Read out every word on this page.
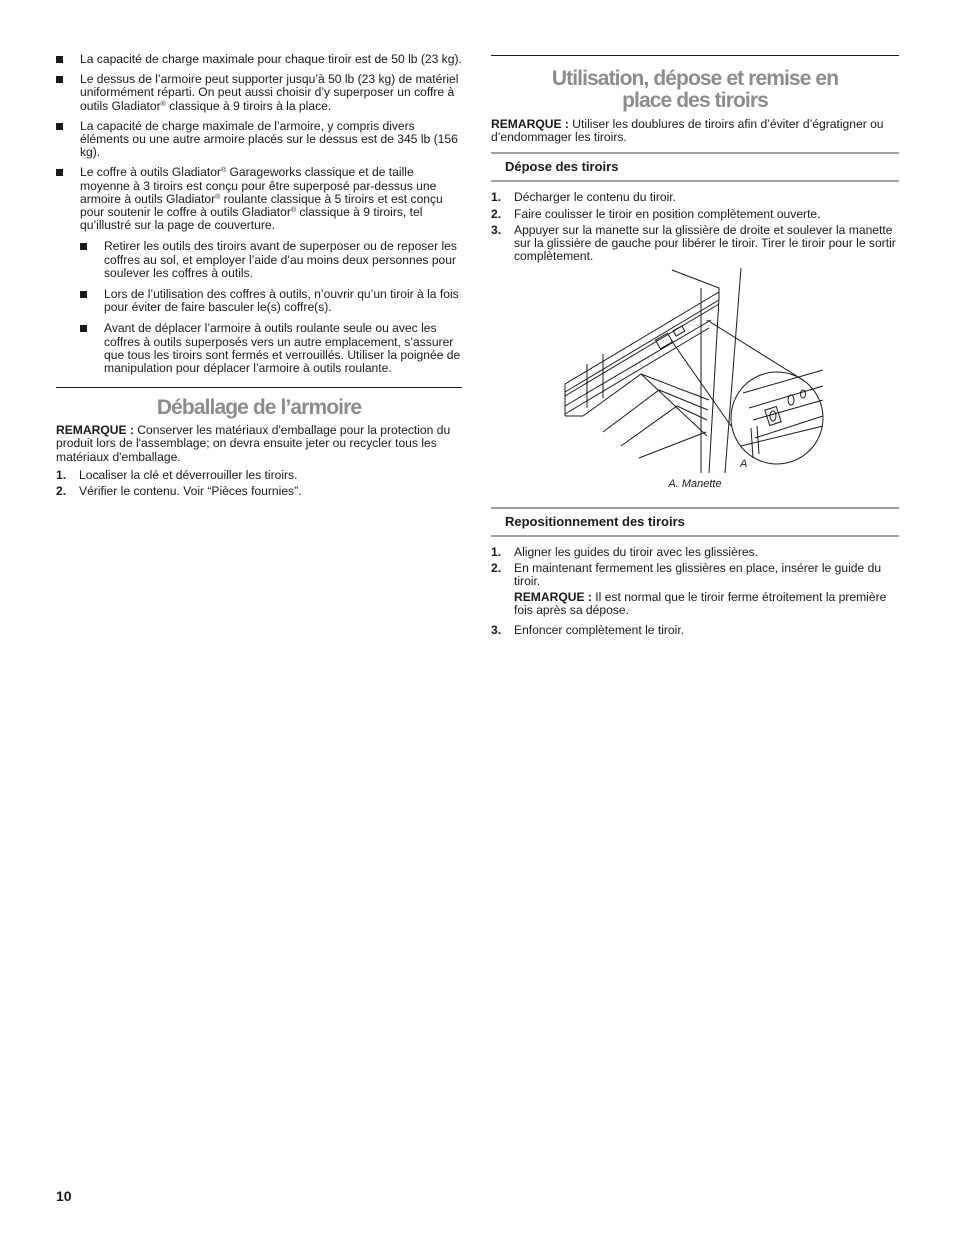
La capacité de charge maximale pour chaque tiroir est de 50 lb (23 kg).
Le dessus de l’armoire peut supporter jusqu’à 50 lb (23 kg) de matériel uniformément réparti. On peut aussi choisir d’y superposer un coffre à outils Gladiator® classique à 9 tiroirs à la place.
La capacité de charge maximale de l’armoire, y compris divers éléments ou une autre armoire placés sur le dessus est de 345 lb (156 kg).
Le coffre à outils Gladiator® Garageworks classique et de taille moyenne à 3 tiroirs est conçu pour être superposé par-dessus une armoire à outils Gladiator® roulante classique à 5 tiroirs et est conçu pour soutenir le coffre à outils Gladiator® classique à 9 tiroirs, tel qu’illustré sur la page de couverture.
Retirer les outils des tiroirs avant de superposer ou de reposer les coffres au sol, et employer l’aide d’au moins deux personnes pour soulever les coffres à outils.
Lors de l’utilisation des coffres à outils, n’ouvrir qu’un tiroir à la fois pour éviter de faire basculer le(s) coffre(s).
Avant de déplacer l’armoire à outils roulante seule ou avec les coffres à outils superposés vers un autre emplacement, s’assurer que tous les tiroirs sont fermés et verrouillés. Utiliser la poignée de manipulation pour déplacer l’armoire à outils roulante.
Déballage de l’armoire

REMARQUE : Conserver les matériaux d'emballage pour la protection du produit lors de l'assemblage; on devra ensuite jeter ou recycler tous les matériaux d'emballage.

1. Localiser la clé et déverrouiller les tiroirs.
2. Vérifier le contenu. Voir “Pièces fournies”.
Utilisation, dépose et remise en
place des tiroirs

REMARQUE : Utiliser les doublures de tiroirs afin d’éviter d’égratigner ou d’endommager les tiroirs.

Dépose des tiroirs
1. Décharger le contenu du tiroir.
2. Faire coulisser le tiroir en position complètement ouverte.
3. Appuyer sur la manette sur la glissière de droite et soulever la manette sur la glissière de gauche pour libérer le tiroir. Tirer le tiroir pour le sortir complètement.
A
A. Manette
Repositionnement des tiroirs
1. Aligner les guides du tiroir avec les glissières.
2. En maintenant fermement les glissières en place, insérer le guide du tiroir.

REMARQUE : Il est normal que le tiroir ferme étroitement la première fois après sa dépose.

3. Enfoncer complètement le tiroir.
10
